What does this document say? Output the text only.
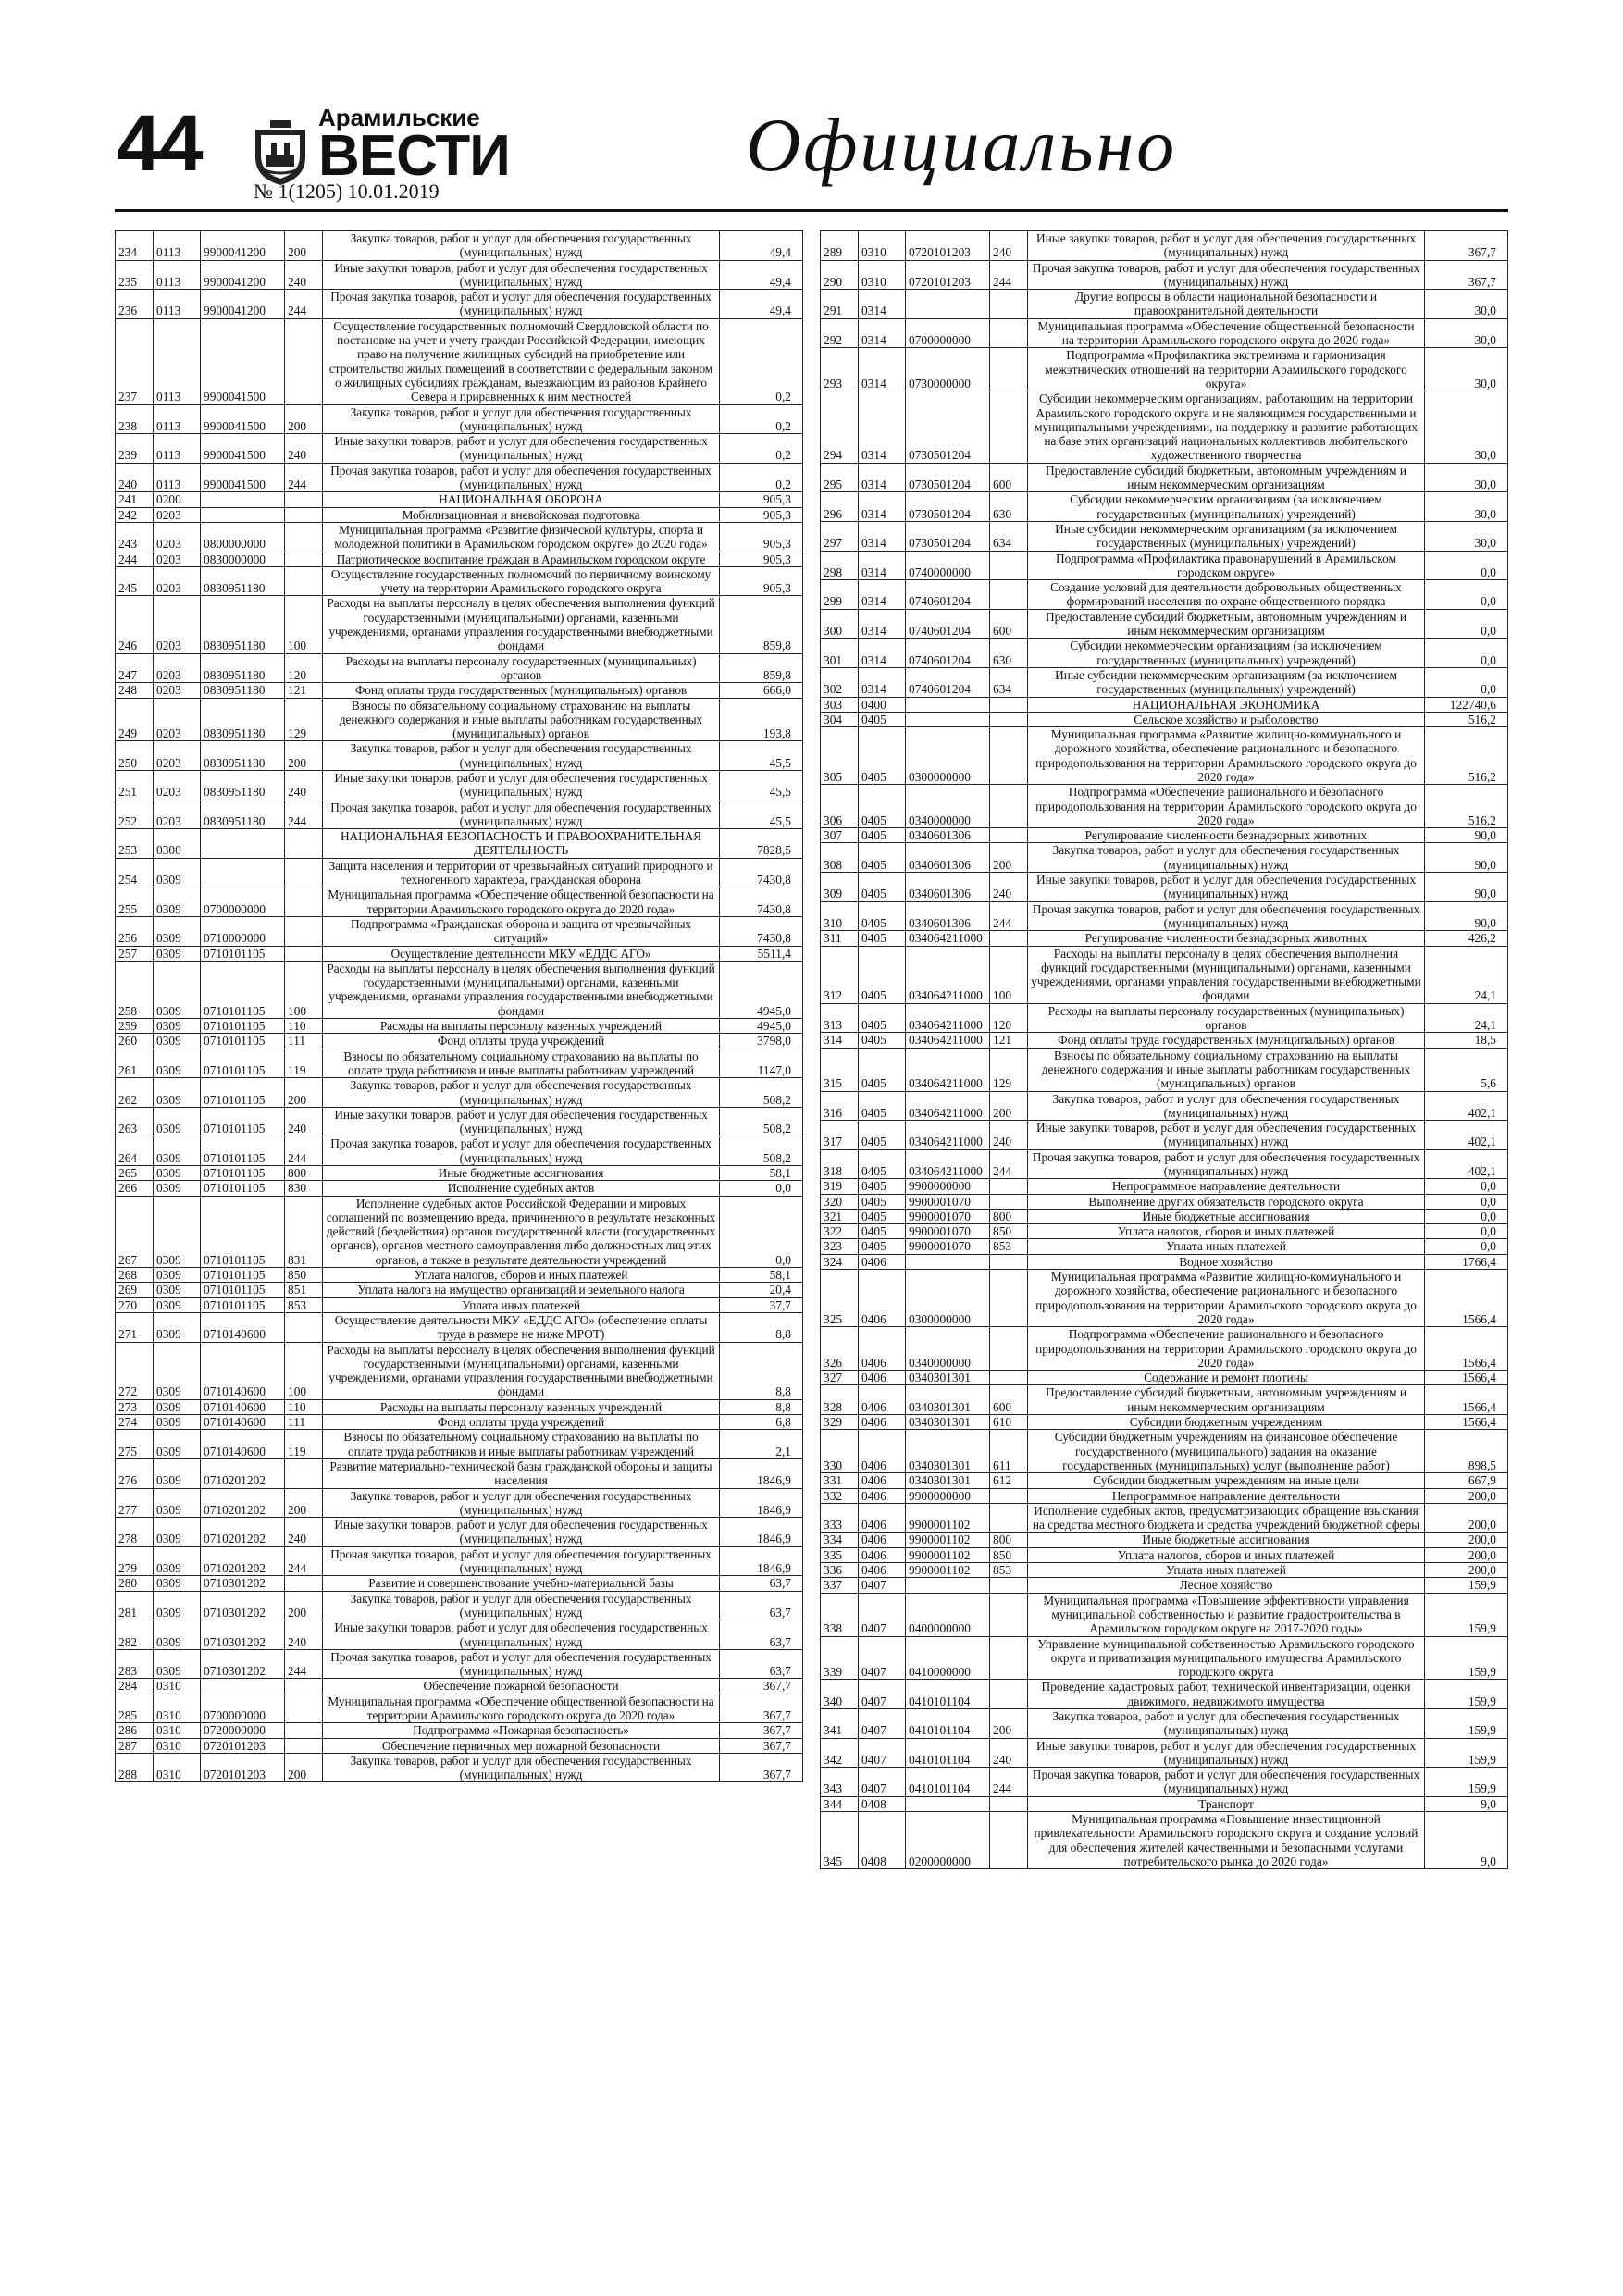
44	Арамильские
ВЕСТИ
№ 1(1205) 10.01.2019
Официально
234	0113	9900041200	200	Закупка товаров, работ и услуг для обеспечения государственных (муниципальных) нужд	49,4
235	0113	9900041200	240	Иные закупки товаров, работ и услуг для обеспечения государственных (муниципальных) нужд	49,4
236	0113	9900041200	244	Прочая закупка товаров, работ и услуг для обеспечения государственных (муниципальных) нужд	49,4
237	0113	9900041500		Осуществление государственных полномочий Свердловской области по постановке на учет и учету граждан Российской Федерации, имеющих право на получение жилищных субсидий на приобретение или строительство жилых помещений в соответствии с федеральным законом о жилищных субсидиях гражданам, выезжающим из районов Крайнего Севера и приравненных к ним местностей	0,2
238	0113	9900041500	200	Закупка товаров, работ и услуг для обеспечения государственных (муниципальных) нужд	0,2
239	0113	9900041500	240	Иные закупки товаров, работ и услуг для обеспечения государственных (муниципальных) нужд	0,2
240	0113	9900041500	244	Прочая закупка товаров, работ и услуг для обеспечения государственных (муниципальных) нужд	0,2
241	0200			НАЦИОНАЛЬНАЯ ОБОРОНА	905,3
242	0203			Мобилизационная и вневойсковая подготовка	905,3
243	0203	0800000000		Муниципальная программа «Развитие физической культуры, спорта и молодежной политики в Арамильском городском округе» до 2020 года»	905,3
244	0203	0830000000		Патриотическое воспитание граждан в Арамильском городском округе	905,3
245	0203	0830951180		Осуществление государственных полномочий по первичному воинскому учету на территории Арамильского городского округа	905,3
246	0203	0830951180	100	Расходы на выплаты персоналу в целях обеспечения выполнения функций государственными (муниципальными) органами, казенными учреждениями, органами управления государственными внебюджетными фондами	859,8
247	0203	0830951180	120	Расходы на выплаты персоналу государственных (муниципальных) органов	859,8
248	0203	0830951180	121	Фонд оплаты труда государственных (муниципальных) органов	666,0
249	0203	0830951180	129	Взносы по обязательному социальному страхованию на выплаты денежного содержания и иные выплаты работникам государственных (муниципальных) органов	193,8
250	0203	0830951180	200	Закупка товаров, работ и услуг для обеспечения государственных (муниципальных) нужд	45,5
251	0203	0830951180	240	Иные закупки товаров, работ и услуг для обеспечения государственных (муниципальных) нужд	45,5
252	0203	0830951180	244	Прочая закупка товаров, работ и услуг для обеспечения государственных (муниципальных) нужд	45,5
253	0300			НАЦИОНАЛЬНАЯ БЕЗОПАСНОСТЬ И ПРАВООХРАНИТЕЛЬНАЯ ДЕЯТЕЛЬНОСТЬ	7828,5
254	0309			Защита населения и территории от чрезвычайных ситуаций природного и техногенного характера, гражданская оборона	7430,8
255	0309	0700000000		Муниципальная программа «Обеспечение общественной безопасности на территории Арамильского городского округа до 2020 года»	7430,8
256	0309	0710000000		Подпрограмма «Гражданская оборона и защита от чрезвычайных ситуаций»	7430,8
257	0309	0710101105		Осуществление деятельности МКУ «ЕДДС АГО»	5511,4
258	0309	0710101105	100	Расходы на выплаты персоналу в целях обеспечения выполнения функций государственными (муниципальными) органами, казенными учреждениями, органами управления государственными внебюджетными фондами	4945,0
259	0309	0710101105	110	Расходы на выплаты персоналу казенных учреждений	4945,0
260	0309	0710101105	111	Фонд оплаты труда учреждений	3798,0
261	0309	0710101105	119	Взносы по обязательному социальному страхованию на выплаты по оплате труда работников и иные выплаты работникам учреждений	1147,0
262	0309	0710101105	200	Закупка товаров, работ и услуг для обеспечения государственных (муниципальных) нужд	508,2
263	0309	0710101105	240	Иные закупки товаров, работ и услуг для обеспечения государственных (муниципальных) нужд	508,2
264	0309	0710101105	244	Прочая закупка товаров, работ и услуг для обеспечения государственных (муниципальных) нужд	508,2
265	0309	0710101105	800	Иные бюджетные ассигнования	58,1
266	0309	0710101105	830	Исполнение судебных актов	0,0
267	0309	0710101105	831	Исполнение судебных актов Российской Федерации и мировых соглашений по возмещению вреда, причиненного в результате незаконных действий (бездействия) органов государственной власти (государственных органов), органов местного самоуправления либо должностных лиц этих органов, а также в результате деятельности учреждений	0,0
268	0309	0710101105	850	Уплата налогов, сборов и иных платежей	58,1
269	0309	0710101105	851	Уплата налога на имущество организаций и земельного налога	20,4
270	0309	0710101105	853	Уплата иных платежей	37,7
271	0309	0710140600		Осуществление деятельности МКУ «ЕДДС АГО» (обеспечение оплаты труда в размере не ниже МРОТ)	8,8
272	0309	0710140600	100	Расходы на выплаты персоналу в целях обеспечения выполнения функций государственными (муниципальными) органами, казенными учреждениями, органами управления государственными внебюджетными фондами	8,8
273	0309	0710140600	110	Расходы на выплаты персоналу казенных учреждений	8,8
274	0309	0710140600	111	Фонд оплаты труда учреждений	6,8
275	0309	0710140600	119	Взносы по обязательному социальному страхованию на выплаты по оплате труда работников и иные выплаты работникам учреждений	2,1
276	0309	0710201202		Развитие материально-технической базы гражданской обороны и защиты населения	1846,9
277	0309	0710201202	200	Закупка товаров, работ и услуг для обеспечения государственных (муниципальных) нужд	1846,9
278	0309	0710201202	240	Иные закупки товаров, работ и услуг для обеспечения государственных (муниципальных) нужд	1846,9
279	0309	0710201202	244	Прочая закупка товаров, работ и услуг для обеспечения государственных (муниципальных) нужд	1846,9
280	0309	0710301202		Развитие и совершенствование учебно-материальной базы	63,7
281	0309	0710301202	200	Закупка товаров, работ и услуг для обеспечения государственных (муниципальных) нужд	63,7
282	0309	0710301202	240	Иные закупки товаров, работ и услуг для обеспечения государственных (муниципальных) нужд	63,7
283	0309	0710301202	244	Прочая закупка товаров, работ и услуг для обеспечения государственных (муниципальных) нужд	63,7
284	0310			Обеспечение пожарной безопасности	367,7
285	0310	0700000000		Муниципальная программа «Обеспечение общественной безопасности на территории Арамильского городского округа до 2020 года»	367,7
286	0310	0720000000		Подпрограмма «Пожарная безопасность»	367,7
287	0310	0720101203		Обеспечение первичных мер пожарной безопасности	367,7
288	0310	0720101203	200	Закупка товаров, работ и услуг для обеспечения государственных (муниципальных) нужд	367,7
289	0310	0720101203	240	Иные закупки товаров, работ и услуг для обеспечения государственных (муниципальных) нужд	367,7
290	0310	0720101203	244	Прочая закупка товаров, работ и услуг для обеспечения государственных (муниципальных) нужд	367,7
291	0314			Другие вопросы в области национальной безопасности и правоохранительной деятельности	30,0
292	0314	0700000000		Муниципальная программа «Обеспечение общественной безопасности на территории Арамильского городского округа до 2020 года»	30,0
293	0314	0730000000		Подпрограмма «Профилактика экстремизма и гармонизация межэтнических отношений на территории Арамильского городского округа»	30,0
294	0314	0730501204		Субсидии некоммерческим организациям, работающим на территории Арамильского городского округа и не являющимся государственными и муниципальными учреждениями, на поддержку и развитие работающих на базе этих организаций национальных коллективов любительского художественного творчества	30,0
295	0314	0730501204	600	Предоставление субсидий бюджетным, автономным учреждениям и иным некоммерческим организациям	30,0
296	0314	0730501204	630	Субсидии некоммерческим организациям (за исключением государственных (муниципальных) учреждений)	30,0
297	0314	0730501204	634	Иные субсидии некоммерческим организациям (за исключением государственных (муниципальных) учреждений)	30,0
298	0314	0740000000		Подпрограмма «Профилактика правонарушений в Арамильском городском округе»	0,0
299	0314	0740601204		Создание условий для деятельности добровольных общественных формирований населения по охране общественного порядка	0,0
300	0314	0740601204	600	Предоставление субсидий бюджетным, автономным учреждениям и иным некоммерческим организациям	0,0
301	0314	0740601204	630	Субсидии некоммерческим организациям (за исключением государственных (муниципальных) учреждений)	0,0
302	0314	0740601204	634	Иные субсидии некоммерческим организациям (за исключением государственных (муниципальных) учреждений)	0,0
303	0400			НАЦИОНАЛЬНАЯ ЭКОНОМИКА	122740,6
304	0405			Сельское хозяйство и рыболовство	516,2
305	0405	0300000000		Муниципальная программа «Развитие жилищно-коммунального и дорожного хозяйства, обеспечение рационального и безопасного природопользования на территории Арамильского городского округа до 2020 года»	516,2
306	0405	0340000000		Подпрограмма «Обеспечение рационального и безопасного природопользования на территории Арамильского городского округа до 2020 года»	516,2
307	0405	0340601306		Регулирование численности безнадзорных животных	90,0
308	0405	0340601306	200	Закупка товаров, работ и услуг для обеспечения государственных (муниципальных) нужд	90,0
309	0405	0340601306	240	Иные закупки товаров, работ и услуг для обеспечения государственных (муниципальных) нужд	90,0
310	0405	0340601306	244	Прочая закупка товаров, работ и услуг для обеспечения государственных (муниципальных) нужд	90,0
311	0405	034064211000		Регулирование численности безнадзорных животных	426,2
312	0405	034064211000	100	Расходы на выплаты персоналу в целях обеспечения выполнения функций государственными (муниципальными) органами, казенными учреждениями, органами управления государственными внебюджетными фондами	24,1
313	0405	034064211000	120	Расходы на выплаты персоналу государственных (муниципальных) органов	24,1
314	0405	034064211000	121	Фонд оплаты труда государственных (муниципальных) органов	18,5
315	0405	034064211000	129	Взносы по обязательному социальному страхованию на выплаты денежного содержания и иные выплаты работникам государственных (муниципальных) органов	5,6
316	0405	034064211000	200	Закупка товаров, работ и услуг для обеспечения государственных (муниципальных) нужд	402,1
317	0405	034064211000	240	Иные закупки товаров, работ и услуг для обеспечения государственных (муниципальных) нужд	402,1
318	0405	034064211000	244	Прочая закупка товаров, работ и услуг для обеспечения государственных (муниципальных) нужд	402,1
319	0405	9900000000		Непрограммное направление деятельности	0,0
320	0405	9900001070		Выполнение других обязательств городского округа	0,0
321	0405	9900001070	800	Иные бюджетные ассигнования	0,0
322	0405	9900001070	850	Уплата налогов, сборов и иных платежей	0,0
323	0405	9900001070	853	Уплата иных платежей	0,0
324	0406			Водное хозяйство	1766,4
325	0406	0300000000		Муниципальная программа «Развитие жилищно-коммунального и дорожного хозяйства, обеспечение рационального и безопасного природопользования на территории Арамильского городского округа до 2020 года»	1566,4
326	0406	0340000000		Подпрограмма «Обеспечение рационального и безопасного природопользования на территории Арамильского городского округа до 2020 года»	1566,4
327	0406	0340301301		Содержание и ремонт плотины	1566,4
328	0406	0340301301	600	Предоставление субсидий бюджетным, автономным учреждениям и иным некоммерческим организациям	1566,4
329	0406	0340301301	610	Субсидии бюджетным учреждениям	1566,4
330	0406	0340301301	611	Субсидии бюджетным учреждениям на финансовое обеспечение государственного (муниципального) задания на оказание государственных (муниципальных) услуг (выполнение работ)	898,5
331	0406	0340301301	612	Субсидии бюджетным учреждениям на иные цели	667,9
332	0406	9900000000		Непрограммное направление деятельности	200,0
333	0406	9900001102		Исполнение судебных актов, предусматривающих обращение взыскания на средства местного бюджета и средства учреждений бюджетной сферы	200,0
334	0406	9900001102	800	Иные бюджетные ассигнования	200,0
335	0406	9900001102	850	Уплата налогов, сборов и иных платежей	200,0
336	0406	9900001102	853	Уплата иных платежей	200,0
337	0407			Лесное хозяйство	159,9
338	0407	0400000000		Муниципальная программа «Повышение эффективности управления муниципальной собственностью и развитие градостроительства в Арамильском городском округе на 2017-2020 годы»	159,9
339	0407	0410000000		Управление муниципальной собственностью Арамильского городского округа и приватизация муниципального имущества Арамильского городского округа	159,9
340	0407	0410101104		Проведение кадастровых работ, технической инвентаризации, оценки движимого, недвижимого имущества	159,9
341	0407	0410101104	200	Закупка товаров, работ и услуг для обеспечения государственных (муниципальных) нужд	159,9
342	0407	0410101104	240	Иные закупки товаров, работ и услуг для обеспечения государственных (муниципальных) нужд	159,9
343	0407	0410101104	244	Прочая закупка товаров, работ и услуг для обеспечения государственных (муниципальных) нужд	159,9
344	0408			Транспорт	9,0
345	0408	0200000000		Муниципальная программа «Повышение инвестиционной привлекательности Арамильского городского округа и создание условий для обеспечения жителей качественными и безопасными услугами потребительского рынка до 2020 года»	9,0
